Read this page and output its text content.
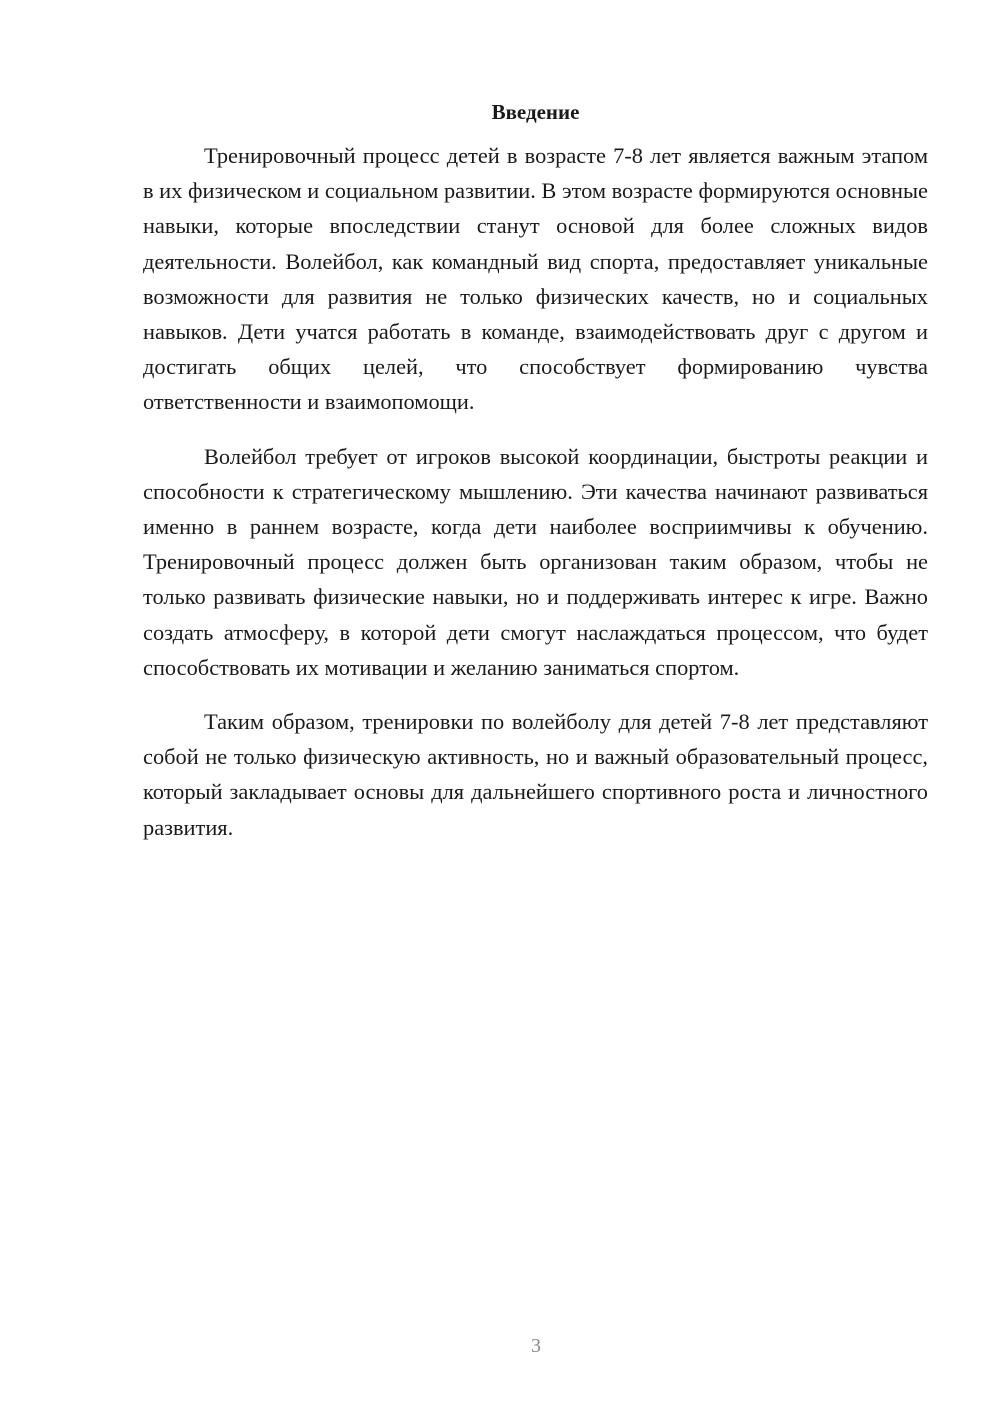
Введение

Тренировочный процесс детей в возрасте 7-8 лет является важным этапом в их физическом и социальном развитии. В этом возрасте формируются основные навыки, которые впоследствии станут основой для более сложных видов деятельности. Волейбол, как командный вид спорта, предоставляет уникальные возможности для развития не только физических качеств, но и социальных навыков. Дети учатся работать в команде, взаимодействовать друг с другом и достигать общих целей, что способствует формированию чувства ответственности и взаимопомощи.

Волейбол требует от игроков высокой координации, быстроты реакции и способности к стратегическому мышлению. Эти качества начинают развиваться именно в раннем возрасте, когда дети наиболее восприимчивы к обучению. Тренировочный процесс должен быть организован таким образом, чтобы не только развивать физические навыки, но и поддерживать интерес к игре. Важно создать атмосферу, в которой дети смогут наслаждаться процессом, что будет способствовать их мотивации и желанию заниматься спортом.

Таким образом, тренировки по волейболу для детей 7-8 лет представляют собой не только физическую активность, но и важный образовательный процесс, который закладывает основы для дальнейшего спортивного роста и личностного развития.

3
